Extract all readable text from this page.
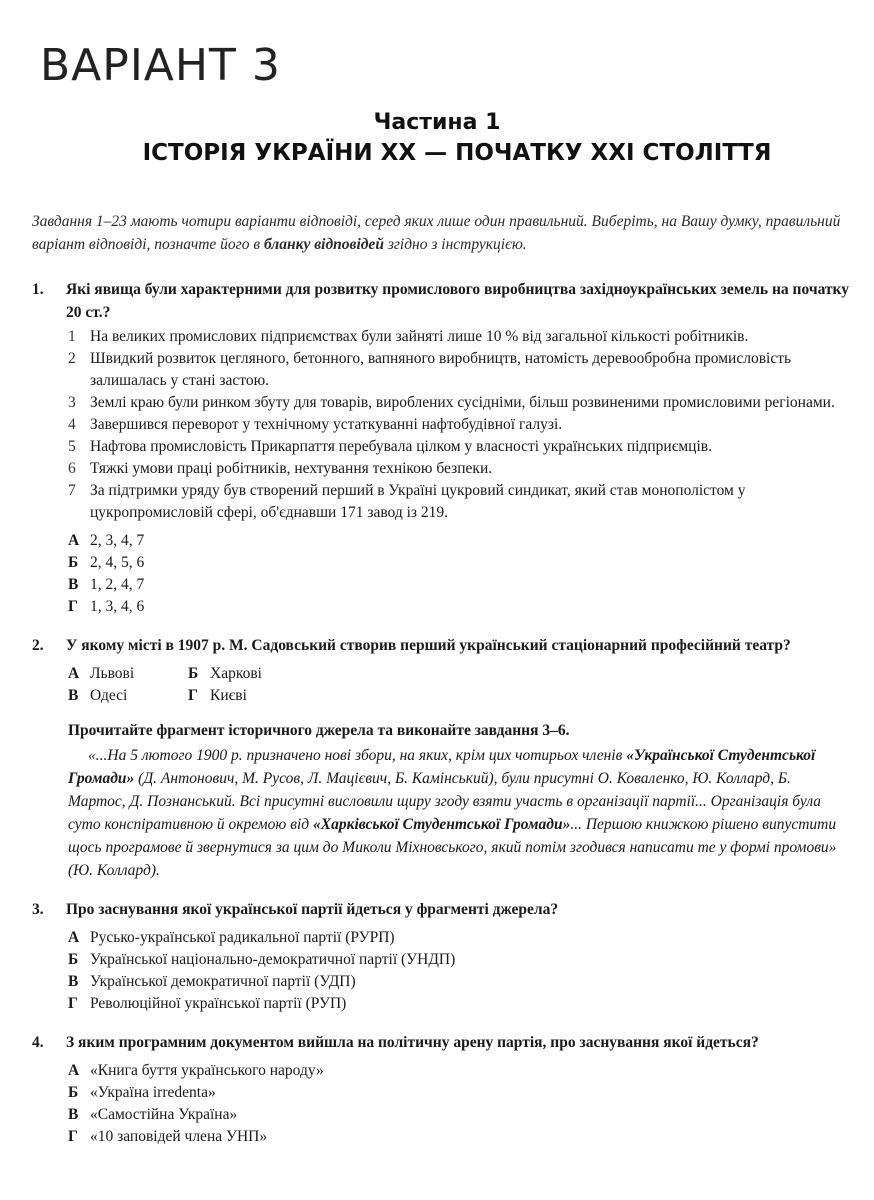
ВАРІАНТ 3
Частина 1
ІСТОРІЯ УКРАЇНИ XX — ПОЧАТКУ XXI СТОЛІТТЯ
Завдання 1–23 мають чотири варіанти відповіді, серед яких лише один правильний. Виберіть, на Вашу думку, правильний варіант відповіді, позначте його в бланку відповідей згідно з інструкцією.
1.	Які явища були характерними для розвитку промислового виробництва західноукраїнських земель на початку 20 ст.?
1 На великих промислових підприємствах були зайняті лише 10 % від загальної кількості робітників.
2 Швидкий розвиток цегляного, бетонного, вапняного виробництв, натомість деревообробна промисловість залишалась у стані застою.
3 Землі краю були ринком збуту для товарів, вироблених сусідніми, більш розвиненими промисловими регіонами.
4 Завершився переворот у технічному устаткуванні нафтобудівної галузі.
5 Нафтова промисловість Прикарпаття перебувала цілком у власності українських підприємців.
6 Тяжкі умови праці робітників, нехтування технікою безпеки.
7 За підтримки уряду був створений перший в Україні цукровий синдикат, який став монополістом у цукропромисловій сфері, об'єднавши 171 завод із 219.
А 2, 3, 4, 7
Б 2, 4, 5, 6
В 1, 2, 4, 7
Г 1, 3, 4, 6
2.	У якому місті в 1907 р. М. Садовський створив перший український стаціонарний професійний театр?
А Львові	Б Харкові
В Одесі	Г Києві
Прочитайте фрагмент історичного джерела та виконайте завдання 3–6.
«...На 5 лютого 1900 р. призначено нові збори, на яких, крім цих чотирьох членів «Української Студентської Громади» (Д. Антонович, М. Русов, Л. Мацієвич, Б. Камінський), були присутні О. Коваленко, Ю. Коллард, Б. Мартос, Д. Познанський. Всі присутні висловили щиру згоду взяти участь в організації партії... Організація була суто конспіративною й окремою від «Харківської Студентської Громади»... Першою книжкою рішено випустити щось програмове й звернутися за цим до Миколи Міхновського, який потім згодився написати те у формі промови» (Ю. Коллард).
3.	Про заснування якої української партії йдеться у фрагменті джерела?
А Русько-української радикальної партії (РУРП)
Б Української національно-демократичної партії (УНДП)
В Української демократичної партії (УДП)
Г Революційної української партії (РУП)
4.	З яким програмним документом вийшла на політичну арену партія, про заснування якої йдеться?
А «Книга буття українського народу»
Б «Україна irredenta»
В «Самостійна Україна»
Г «10 заповідей члена УНП»
